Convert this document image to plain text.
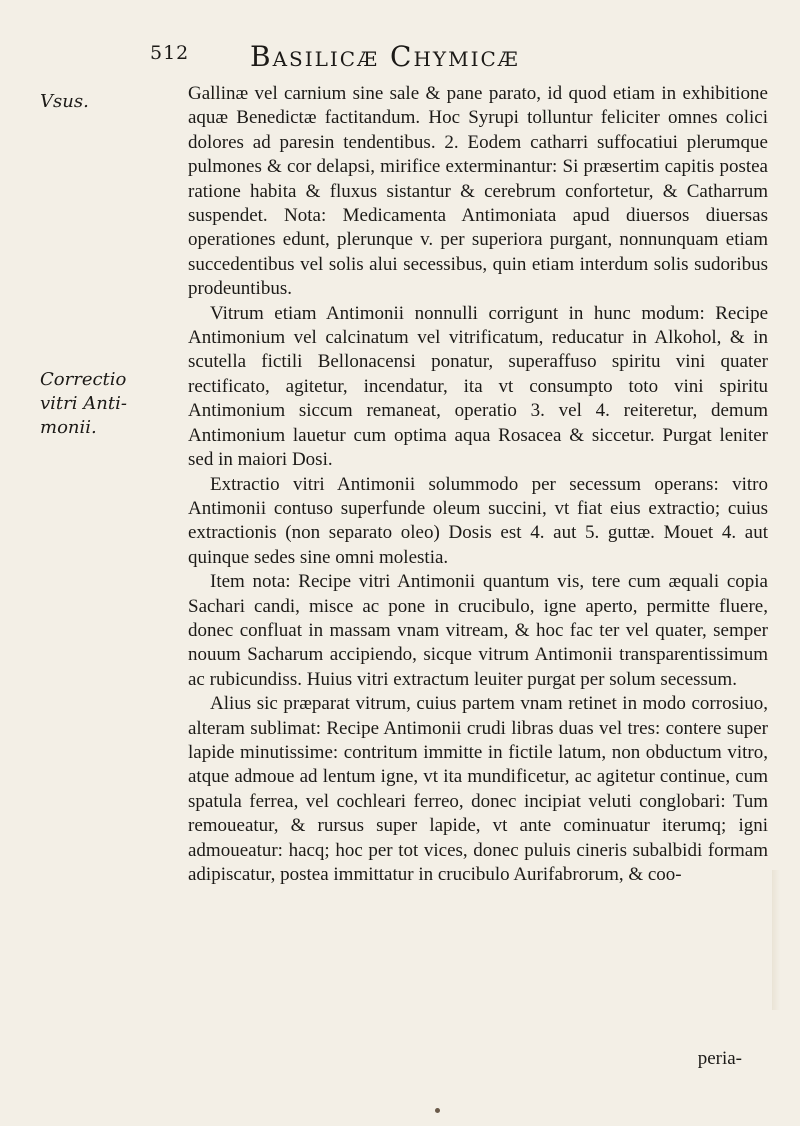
512 Basilicæ Chymicæ
Vsus.
Correctio
vitri Anti-
monii.

Gallinæ vel carnium sine sale & pane parato, id quod etiam in exhibitione aquæ Benedictæ factitandum. Hoc Syrupi tolluntur feliciter omnes colici dolores ad paresin tendentibus. 2. Eodem catharri suffocatiui plerumque pulmones & cor delapsi, mirifice exterminantur: Si præsertim capitis postea ratione habita & fluxus sistantur & cerebrum confortetur, & Catharrum suspendet. Nota: Medicamenta Antimoniata apud diuersos diuersas operationes edunt, plerunque v. per superiora purgant, nonnunquam etiam succedentibus vel solis alui secessibus, quin etiam interdum solis sudoribus prodeuntibus.

Vitrum etiam Antimonii nonnulli corrigunt in hunc modum: Recipe Antimonium vel calcinatum vel vitrificatum, reducatur in Alkohol, & in scutella fictili Bellonacensi ponatur, superaffuso spiritu vini quater rectificato, agitetur, incendatur, ita vt consumpto toto vini spiritu Antimonium siccum remaneat, operatio 3. vel 4. reiteretur, demum Antimonium lauetur cum optima aqua Rosacea & siccetur. Purgat leniter sed in maiori Dosi.

Extractio vitri Antimonii solummodo per secessum operans: vitro Antimonii contuso superfunde oleum succini, vt fiat eius extractio; cuius extractionis (non separato oleo) Dosis est 4. aut 5. guttæ. Mouet 4. aut quinque sedes sine omni molestia.

Item nota: Recipe vitri Antimonii quantum vis, tere cum æquali copia Sachari candi, misce ac pone in crucibulo, igne aperto, permitte fluere, donec confluat in massam vnam vitream, & hoc fac ter vel quater, semper nouum Sacharum accipiendo, sicque vitrum Antimonii transparentissimum ac rubicundiss. Huius vitri extractum leuiter purgat per solum secessum.

Alius sic præparat vitrum, cuius partem vnam retinet in modo corrosiuo, alteram sublimat: Recipe Antimonii crudi libras duas vel tres: contere super lapide minutissime: contritum immitte in fictile latum, non obductum vitro, atque admoue ad lentum igne, vt ita mundificetur, ac agitetur continue, cum spatula ferrea, vel cochleari ferreo, donec incipiat veluti conglobari: Tum remoueatur, & rursus super lapide, vt ante cominuatur iterumq; igni admoueatur: hacq; hoc per tot vices, donec puluis cineris subalbidi formam adipiscatur, postea immittatur in crucibulo Aurifabrorum, & coo-

peria-
